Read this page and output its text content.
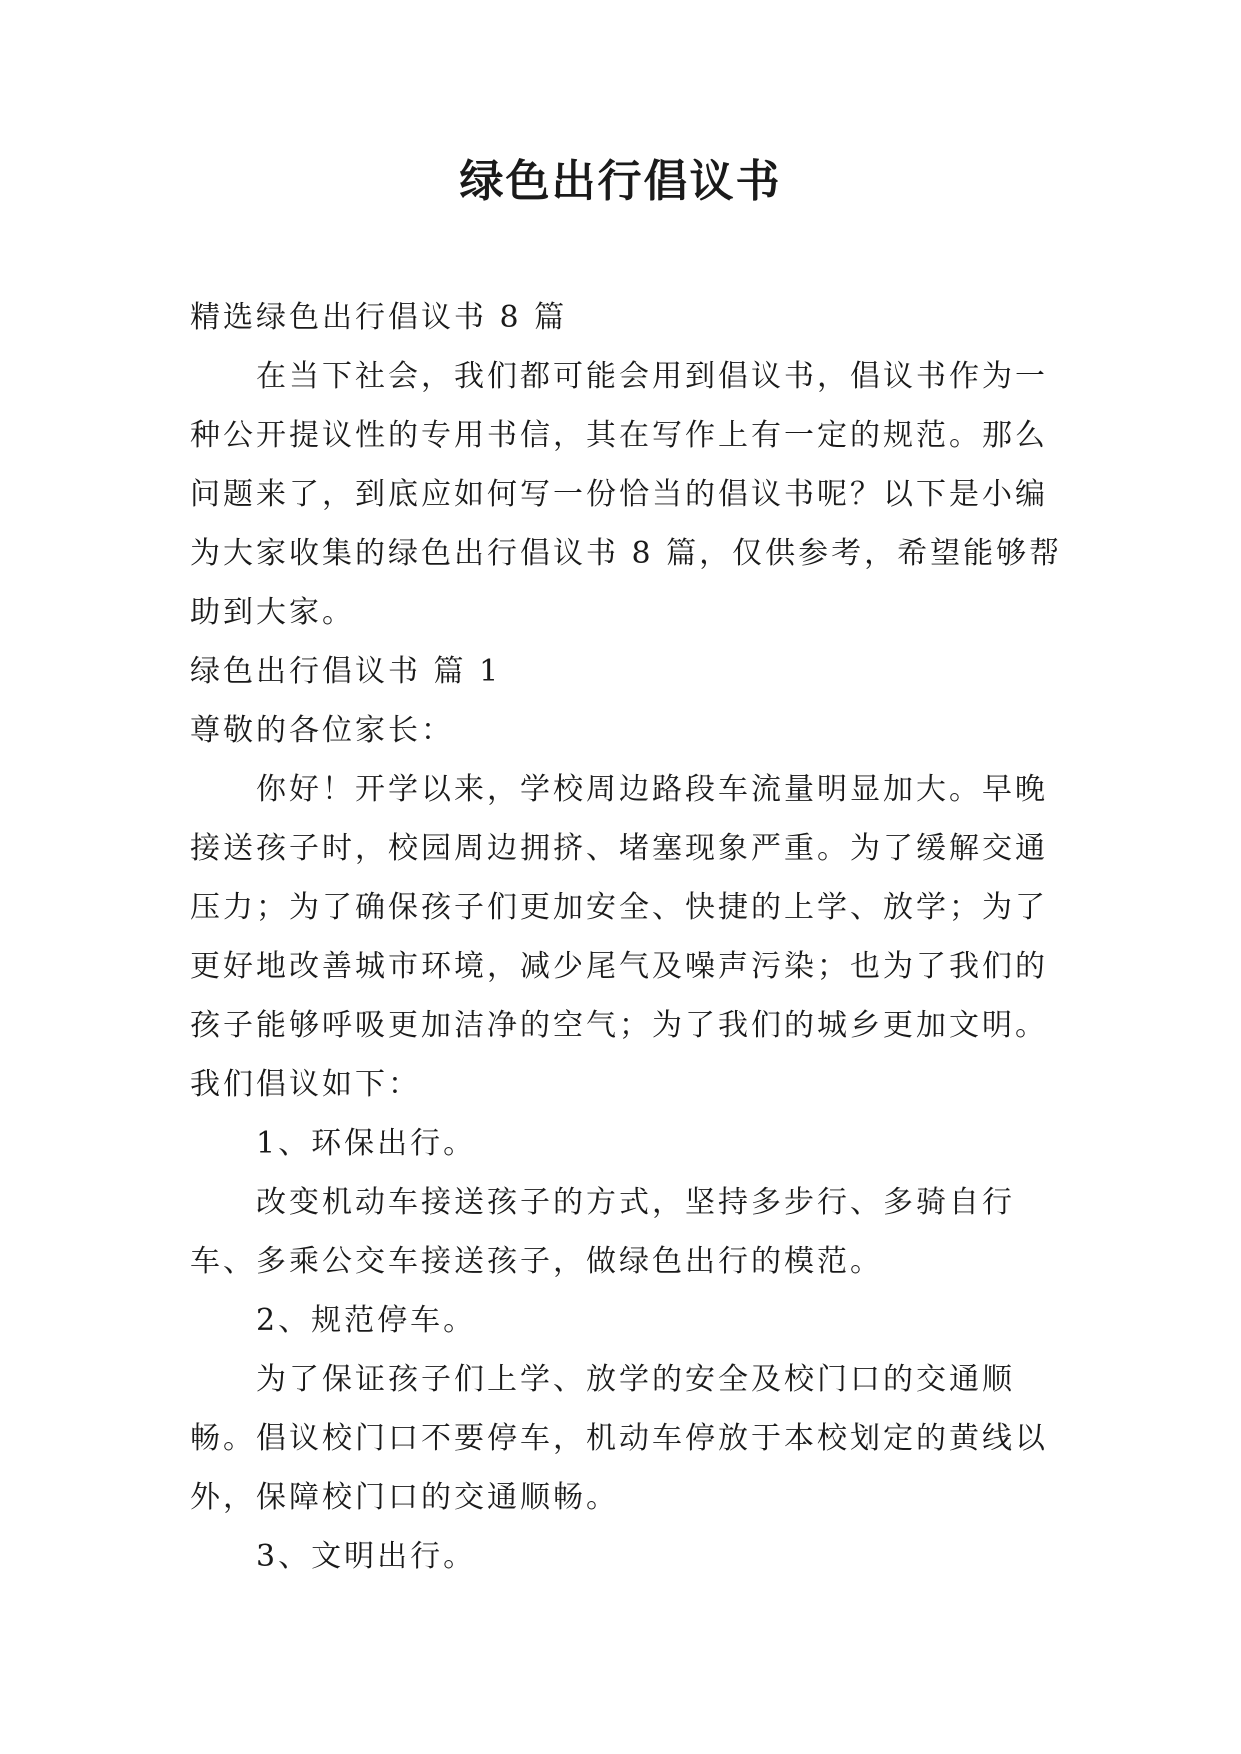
绿色出行倡议书

精选绿色出行倡议书 8 篇

在当下社会，我们都可能会用到倡议书，倡议书作为一种公开提议性的专用书信，其在写作上有一定的规范。那么问题来了，到底应如何写一份恰当的倡议书呢？以下是小编为大家收集的绿色出行倡议书 8 篇，仅供参考，希望能够帮助到大家。

绿色出行倡议书 篇 1

尊敬的各位家长：

你好！开学以来，学校周边路段车流量明显加大。早晚接送孩子时，校园周边拥挤、堵塞现象严重。为了缓解交通压力；为了确保孩子们更加安全、快捷的上学、放学；为了更好地改善城市环境，减少尾气及噪声污染；也为了我们的孩子能够呼吸更加洁净的空气；为了我们的城乡更加文明。

我们倡议如下：

1、环保出行。

改变机动车接送孩子的方式，坚持多步行、多骑自行车、多乘公交车接送孩子，做绿色出行的模范。

2、规范停车。

为了保证孩子们上学、放学的安全及校门口的交通顺畅。倡议校门口不要停车，机动车停放于本校划定的黄线以外，保障校门口的交通顺畅。

3、文明出行。
